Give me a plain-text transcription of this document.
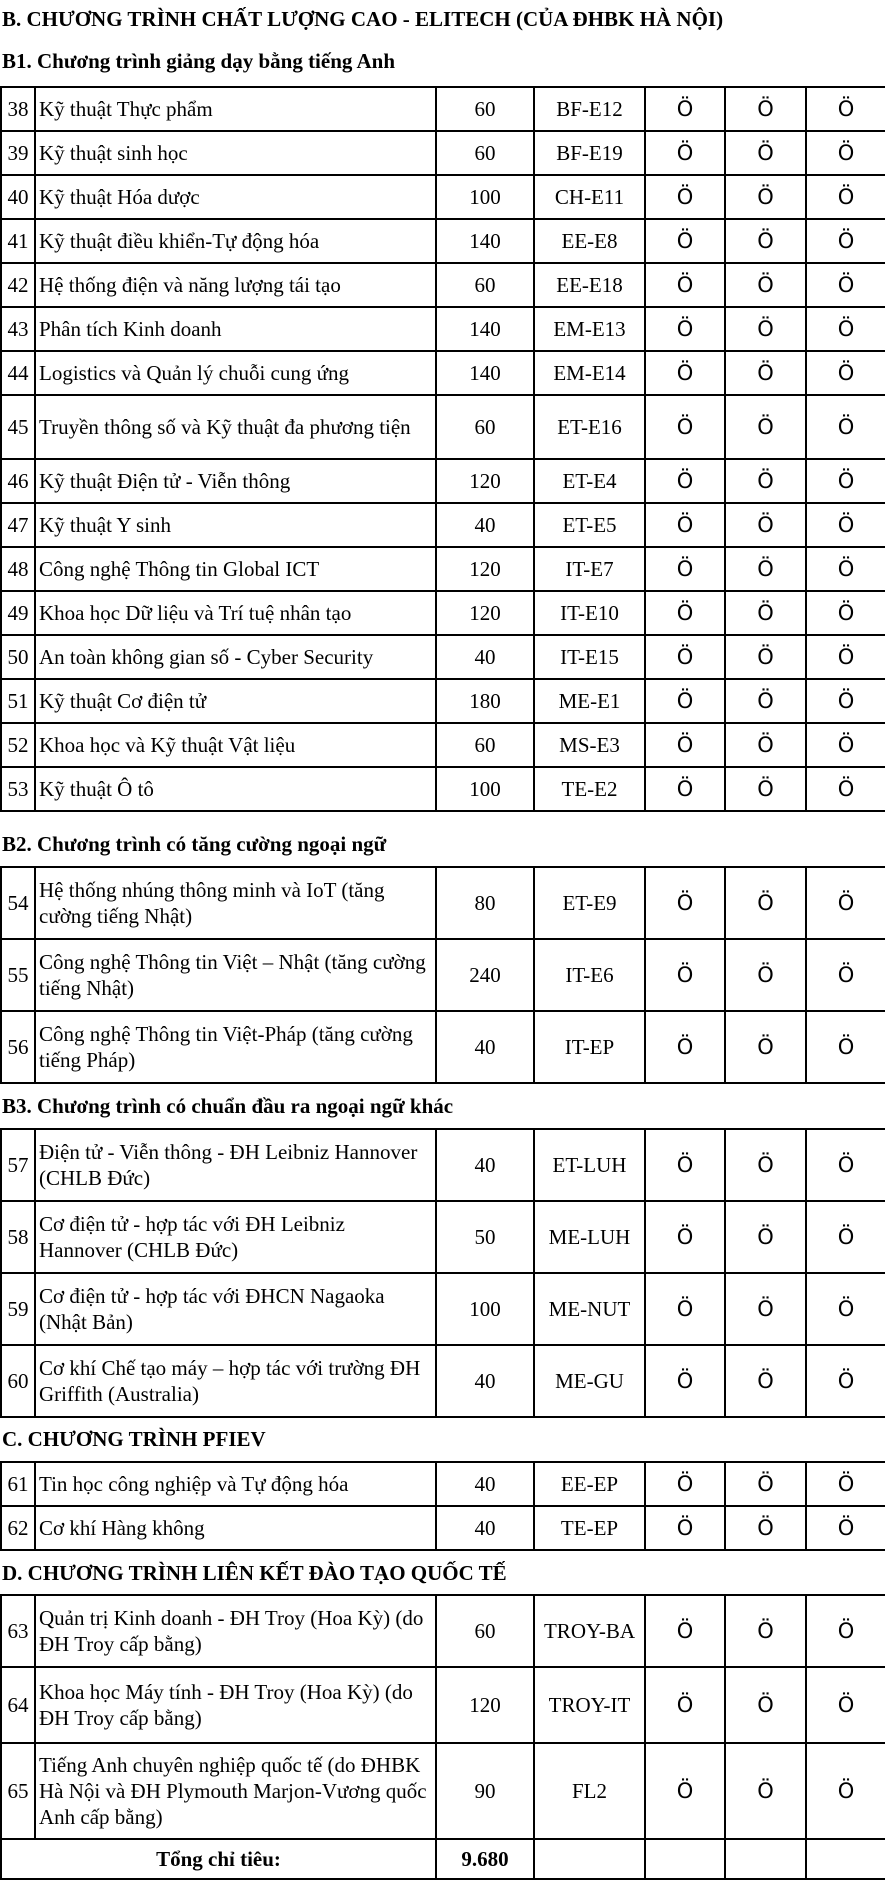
B. CHƯƠNG TRÌNH CHẤT LƯỢNG CAO - ELITECH (CỦA ĐHBK HÀ NỘI)
B1. Chương trình giảng dạy bằng tiếng Anh
38	Kỹ thuật Thực phẩm	60	BF-E12	Ö	Ö	Ö
39	Kỹ thuật sinh học	60	BF-E19	Ö	Ö	Ö
40	Kỹ thuật Hóa dược	100	CH-E11	Ö	Ö	Ö
41	Kỹ thuật điều khiển-Tự động hóa	140	EE-E8	Ö	Ö	Ö
42	Hệ thống điện và năng lượng tái tạo	60	EE-E18	Ö	Ö	Ö
43	Phân tích Kinh doanh	140	EM-E13	Ö	Ö	Ö
44	Logistics và Quản lý chuỗi cung ứng	140	EM-E14	Ö	Ö	Ö
45	Truyền thông số và Kỹ thuật đa phương tiện	60	ET-E16	Ö	Ö	Ö
46	Kỹ thuật Điện tử - Viễn thông	120	ET-E4	Ö	Ö	Ö
47	Kỹ thuật Y sinh	40	ET-E5	Ö	Ö	Ö
48	Công nghệ Thông tin Global ICT	120	IT-E7	Ö	Ö	Ö
49	Khoa học Dữ liệu và Trí tuệ nhân tạo	120	IT-E10	Ö	Ö	Ö
50	An toàn không gian số - Cyber Security	40	IT-E15	Ö	Ö	Ö
51	Kỹ thuật Cơ điện tử	180	ME-E1	Ö	Ö	Ö
52	Khoa học và Kỹ thuật Vật liệu	60	MS-E3	Ö	Ö	Ö
53	Kỹ thuật Ô tô	100	TE-E2	Ö	Ö	Ö
B2. Chương trình có tăng cường ngoại ngữ
54	Hệ thống nhúng thông minh và IoT (tăng cường tiếng Nhật)	80	ET-E9	Ö	Ö	Ö
55	Công nghệ Thông tin Việt – Nhật (tăng cường tiếng Nhật)	240	IT-E6	Ö	Ö	Ö
56	Công nghệ Thông tin Việt-Pháp (tăng cường tiếng Pháp)	40	IT-EP	Ö	Ö	Ö
B3. Chương trình có chuẩn đầu ra ngoại ngữ khác
57	Điện tử - Viễn thông - ĐH Leibniz Hannover (CHLB Đức)	40	ET-LUH	Ö	Ö	Ö
58	Cơ điện tử - hợp tác với ĐH Leibniz Hannover (CHLB Đức)	50	ME-LUH	Ö	Ö	Ö
59	Cơ điện tử - hợp tác với ĐHCN Nagaoka (Nhật Bản)	100	ME-NUT	Ö	Ö	Ö
60	Cơ khí Chế tạo máy – hợp tác với trường ĐH Griffith (Australia)	40	ME-GU	Ö	Ö	Ö
C. CHƯƠNG TRÌNH PFIEV
61	Tin học công nghiệp và Tự động hóa	40	EE-EP	Ö	Ö	Ö
62	Cơ khí Hàng không	40	TE-EP	Ö	Ö	Ö
D. CHƯƠNG TRÌNH LIÊN KẾT ĐÀO TẠO QUỐC TẾ
63	Quản trị Kinh doanh - ĐH Troy (Hoa Kỳ) (do ĐH Troy cấp bằng)	60	TROY-BA	Ö	Ö	Ö
64	Khoa học Máy tính - ĐH Troy (Hoa Kỳ) (do ĐH Troy cấp bằng)	120	TROY-IT	Ö	Ö	Ö
65	Tiếng Anh chuyên nghiệp quốc tế (do ĐHBK Hà Nội và ĐH Plymouth Marjon-Vương quốc Anh cấp bằng)	90	FL2	Ö	Ö	Ö
Tổng chỉ tiêu:		9.680				
